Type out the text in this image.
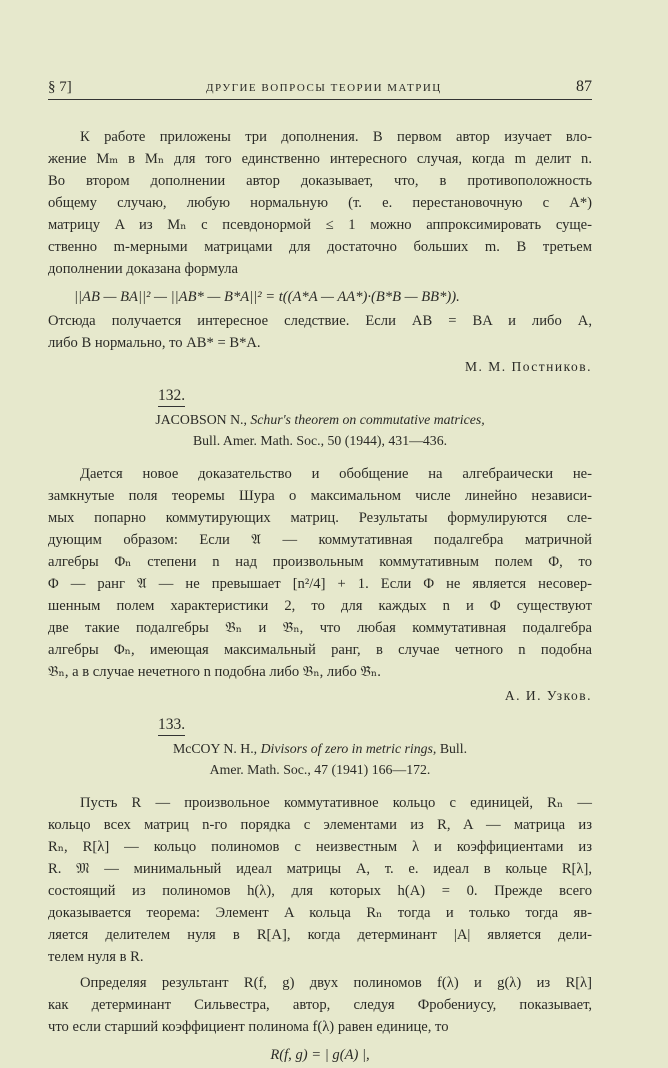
§ 7]	ДРУГИЕ ВОПРОСЫ ТЕОРИИ МАТРИЦ	87
К работе приложены три дополнения. В первом автор изучает вло-
жение Mₘ в Mₙ для того единственно интересного случая, когда m делит n.
Во втором дополнении автор доказывает, что, в противоположность
общему случаю, любую нормальную (т. е. перестановочную с A*)
матрицу A из Mₙ с псевдонормой ≤ 1 можно аппроксимировать суще-
ственно m-мерными матрицами для достаточно больших m. В третьем
дополнении доказана формула
||AB — BA||² — ||AB* — B*A||² = t((A*A — AA*)·(B*B — BB*)).
Отсюда получается интересное следствие. Если AB = BA и либо A,
либо B нормально, то AB* = B*A.
М. М. Постников.
132.
JACOBSON N., Schur's theorem on commutative matrices,
Bull. Amer. Math. Soc., 50 (1944), 431—436.
Дается новое доказательство и обобщение на алгебраически не-
замкнутые поля теоремы Шура о максимальном числе линейно независи-
мых попарно коммутирующих матриц. Результаты формулируются сле-
дующим образом: Если 𝔄 — коммутативная подалгебра матричной
алгебры Φₙ степени n над произвольным коммутативным полем Φ, то
Φ — ранг 𝔄 — не превышает [n²/4] + 1. Если Φ не является несовер-
шенным полем характеристики 2, то для каждых n и Φ существуют
две такие подалгебры 𝔅ₙ и 𝔅̄ₙ, что любая коммутативная подалгебра
алгебры Φₙ, имеющая максимальный ранг, в случае четного n подобна
𝔅ₙ, а в случае нечетного n подобна либо 𝔅ₙ, либо 𝔅̄ₙ.
А. И. Узков.
133.
McCOY N. H., Divisors of zero in metric rings, Bull.
Amer. Math. Soc., 47 (1941) 166—172.
Пусть R — произвольное коммутативное кольцо с единицей, Rₙ —
кольцо всех матриц n-го порядка с элементами из R, A — матрица из
Rₙ, R[λ] — кольцо полиномов с неизвестным λ и коэффициентами из
R. 𝔐 — минимальный идеал матрицы A, т. е. идеал в кольце R[λ],
состоящий из полиномов h(λ), для которых h(A) = 0. Прежде всего
доказывается теорема: Элемент A кольца Rₙ тогда и только тогда яв-
ляется делителем нуля в R[A], когда детерминант |A| является дели-
телем нуля в R.
Определяя результант R(f, g) двух полиномов f(λ) и g(λ) из R[λ]
как детерминант Сильвестра, автор, следуя Фробениусу, показывает,
что если старший коэффициент полинома f(λ) равен единице, то
R(f, g) = | g(A) |,
